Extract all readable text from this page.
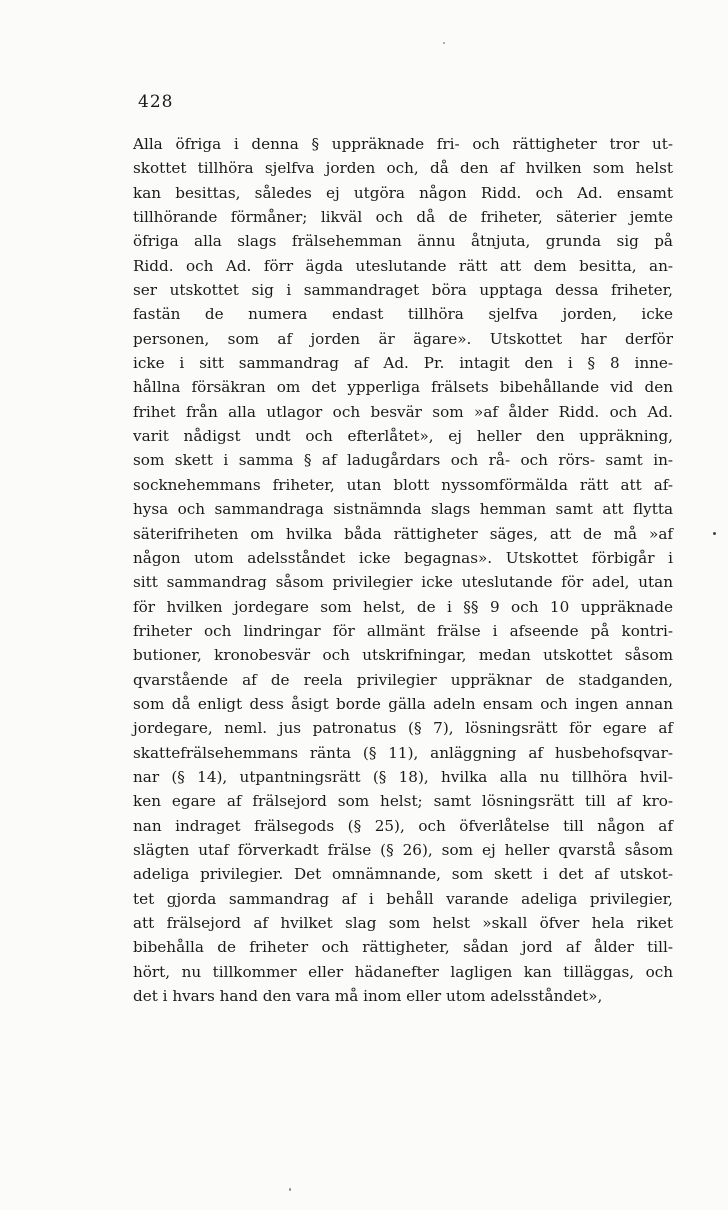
428
Alla öfriga i denna § uppräknade fri- och rättigheter tror ut-
skottet tillhöra sjelfva jorden och, då den af hvilken som helst
kan besittas, således ej utgöra någon Ridd. och Ad. ensamt
tillhörande förmåner; likväl och då de friheter, säterier jemte
öfriga alla slags frälsehemman ännu åtnjuta, grunda sig på
Ridd. och Ad. förr ägda uteslutande rätt att dem besitta, an-
ser utskottet sig i sammandraget böra upptaga dessa friheter,
fastän de numera endast tillhöra sjelfva jorden, icke
personen, som af jorden är ägare». Utskottet har derför
icke i sitt sammandrag af Ad. Pr. intagit den i § 8 inne-
hållna försäkran om det ypperliga frälsets bibehållande vid den
frihet från alla utlagor och besvär som »af ålder Ridd. och Ad.
varit nådigst undt och efterlåtet», ej heller den uppräkning,
som skett i samma § af ladugårdars och rå- och rörs- samt in-
socknehemmans friheter, utan blott nyssomförmälda rätt att af-
hysa och sammandraga sistnämnda slags hemman samt att flytta
säterifriheten om hvilka båda rättigheter säges, att de må »af
någon utom adelsståndet icke begagnas». Utskottet förbigår i
sitt sammandrag såsom privilegier icke uteslutande för adel, utan
för hvilken jordegare som helst, de i §§ 9 och 10 uppräknade
friheter och lindringar för allmänt frälse i afseende på kontri-
butioner, kronobesvär och utskrifningar, medan utskottet såsom
qvarstående af de reela privilegier uppräknar de stadganden,
som då enligt dess åsigt borde gälla adeln ensam och ingen annan
jordegare, neml. jus patronatus (§ 7), lösningsrätt för egare af
skattefrälsehemmans ränta (§ 11), anläggning af husbehofsqvar-
nar (§ 14), utpantningsrätt (§ 18), hvilka alla nu tillhöra hvil-
ken egare af frälsejord som helst; samt lösningsrätt till af kro-
nan indraget frälsegods (§ 25), och öfverlåtelse till någon af
slägten utaf förverkadt frälse (§ 26), som ej heller qvarstå såsom
adeliga privilegier. Det omnämnande, som skett i det af utskot-
tet gjorda sammandrag af i behåll varande adeliga privilegier,
att frälsejord af hvilket slag som helst »skall öfver hela riket
bibehålla de friheter och rättigheter, sådan jord af ålder till-
hört, nu tillkommer eller hädanefter lagligen kan tilläggas, och
det i hvars hand den vara må inom eller utom adelsståndet»,
